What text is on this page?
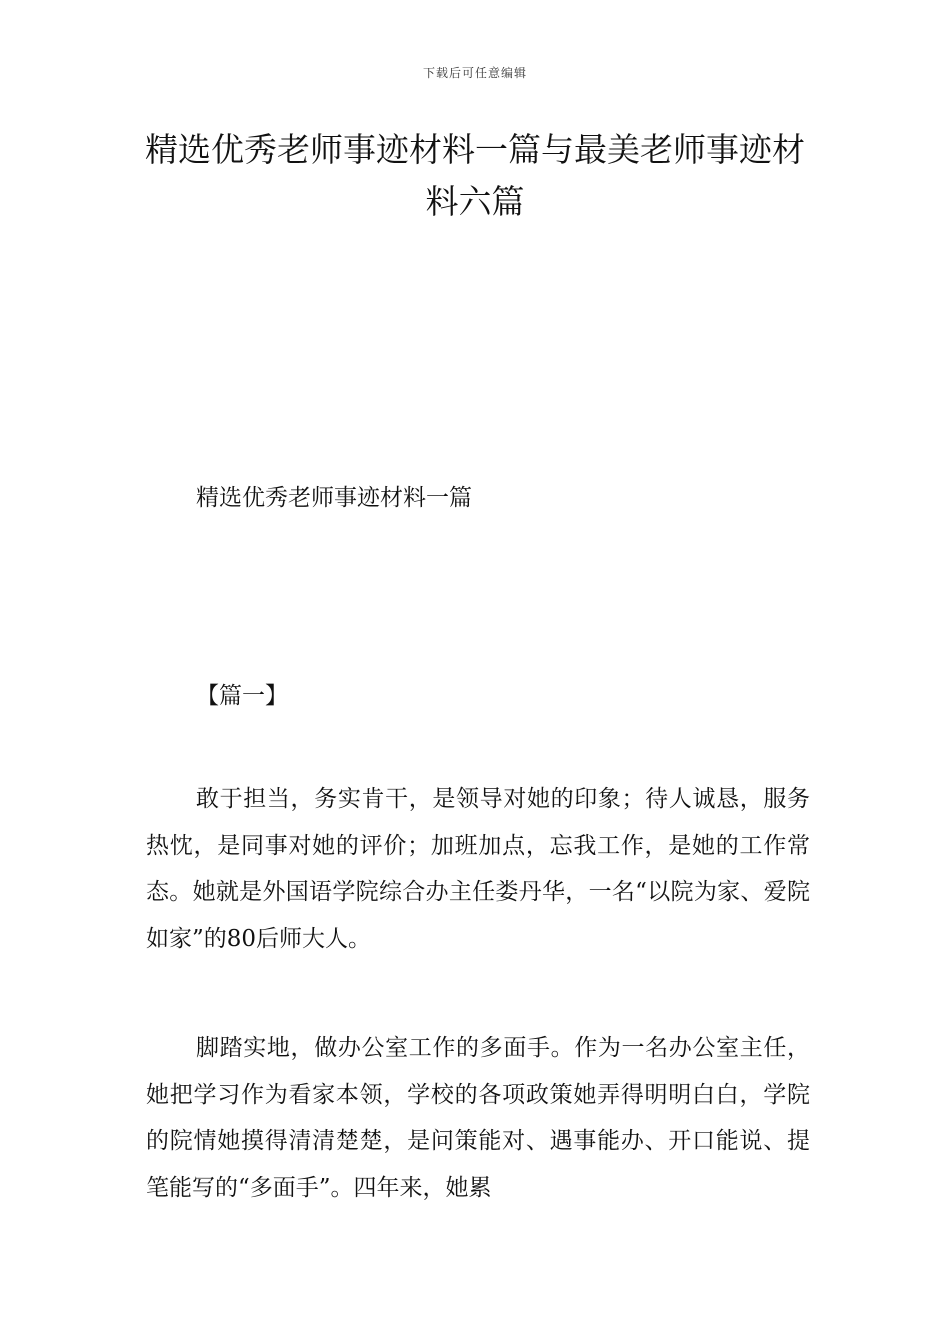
下载后可任意编辑
精选优秀老师事迹材料一篇与最美老师事迹材料六篇
精选优秀老师事迹材料一篇
【篇一】

敢于担当，务实肯干，是领导对她的印象；待人诚恳，服务热忱，是同事对她的评价；加班加点，忘我工作，是她的工作常态。她就是外国语学院综合办主任娄丹华，一名“以院为家、爱院如家”的80后师大人。

脚踏实地，做办公室工作的多面手。作为一名办公室主任，她把学习作为看家本领，学校的各项政策她弄得明明白白，学院的院情她摸得清清楚楚，是问策能对、遇事能办、开口能说、提笔能写的“多面手”。四年来，她累
